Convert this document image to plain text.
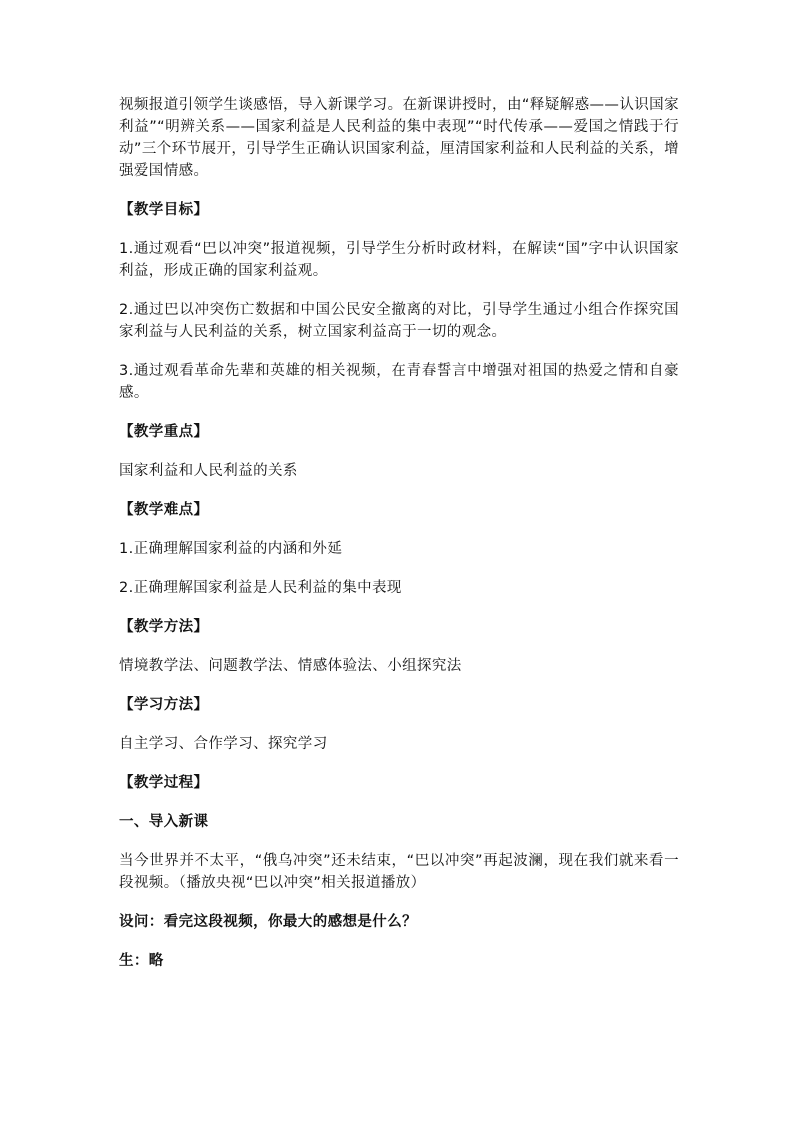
视频报道引领学生谈感悟，导入新课学习。在新课讲授时，由“释疑解惑——认识国家利益”“明辨关系——国家利益是人民利益的集中表现”“时代传承——爱国之情践于行动”三个环节展开，引导学生正确认识国家利益，厘清国家利益和人民利益的关系，增强爱国情感。

【教学目标】

1.通过观看“巴以冲突”报道视频，引导学生分析时政材料，在解读“国”字中认识国家利益，形成正确的国家利益观。

2.通过巴以冲突伤亡数据和中国公民安全撤离的对比，引导学生通过小组合作探究国家利益与人民利益的关系，树立国家利益高于一切的观念。

3.通过观看革命先辈和英雄的相关视频，在青春誓言中增强对祖国的热爱之情和自豪感。

【教学重点】

国家利益和人民利益的关系

【教学难点】

1.正确理解国家利益的内涵和外延

2.正确理解国家利益是人民利益的集中表现

【教学方法】

情境教学法、问题教学法、情感体验法、小组探究法

【学习方法】

自主学习、合作学习、探究学习

【教学过程】

一、导入新课

当今世界并不太平，“俄乌冲突”还未结束，“巴以冲突”再起波澜，现在我们就来看一段视频。（播放央视“巴以冲突”相关报道播放）

设问：看完这段视频，你最大的感想是什么？

生：略
